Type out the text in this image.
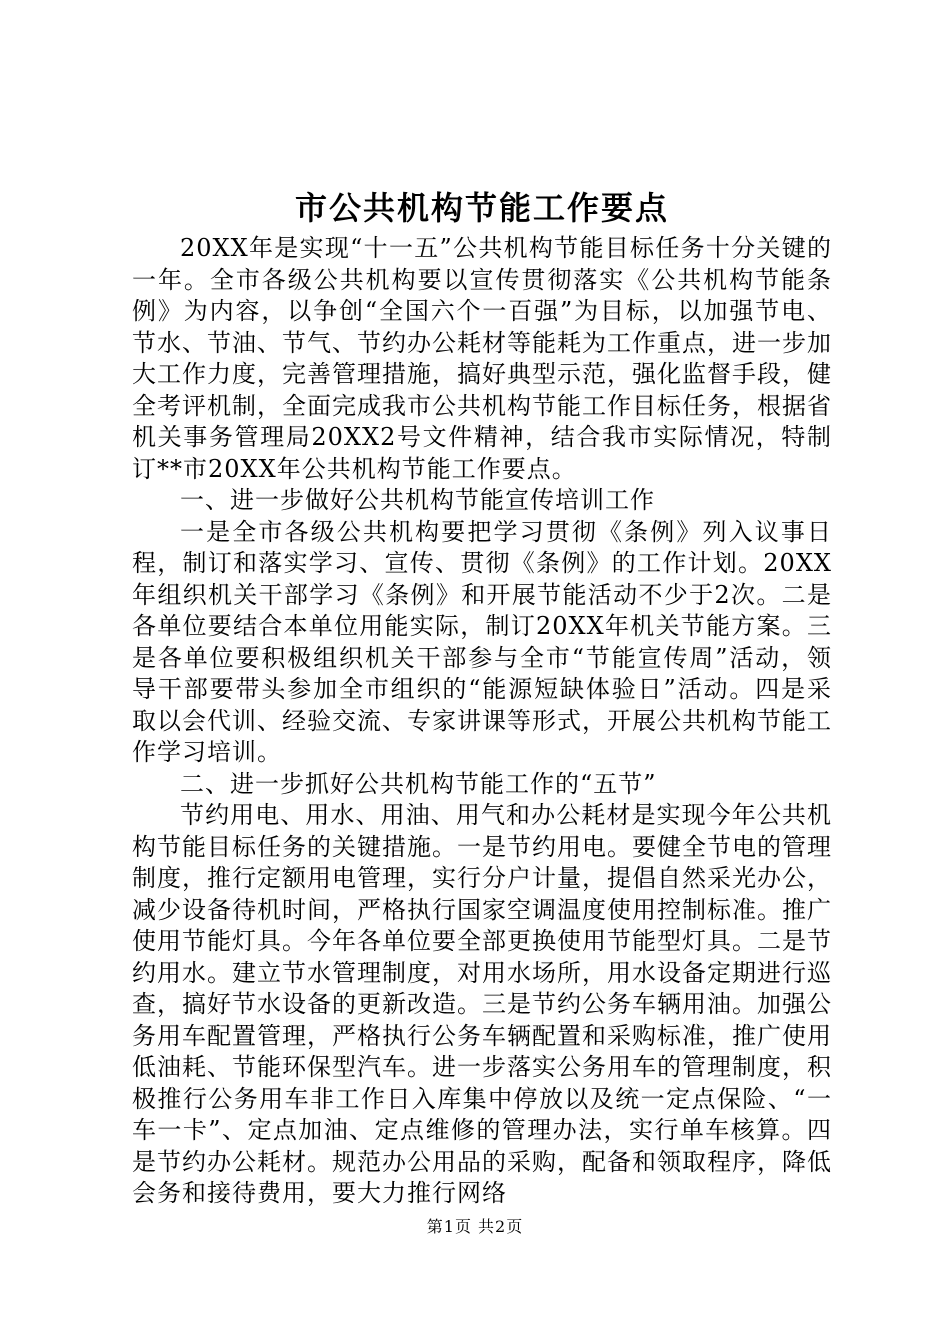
市公共机构节能工作要点

20XX年是实现“十一五”公共机构节能目标任务十分关键的一年。全市各级公共机构要以宣传贯彻落实《公共机构节能条例》为内容，以争创“全国六个一百强”为目标，以加强节电、节水、节油、节气、节约办公耗材等能耗为工作重点，进一步加大工作力度，完善管理措施，搞好典型示范，强化监督手段，健全考评机制，全面完成我市公共机构节能工作目标任务，根据省机关事务管理局20XX2号文件精神，结合我市实际情况，特制订**市20XX年公共机构节能工作要点。

一、进一步做好公共机构节能宣传培训工作

一是全市各级公共机构要把学习贯彻《条例》列入议事日程，制订和落实学习、宣传、贯彻《条例》的工作计划。20XX年组织机关干部学习《条例》和开展节能活动不少于2次。二是各单位要结合本单位用能实际，制订20XX年机关节能方案。三是各单位要积极组织机关干部参与全市“节能宣传周”活动，领导干部要带头参加全市组织的“能源短缺体验日”活动。四是采取以会代训、经验交流、专家讲课等形式，开展公共机构节能工作学习培训。

二、进一步抓好公共机构节能工作的“五节”

节约用电、用水、用油、用气和办公耗材是实现今年公共机构节能目标任务的关键措施。一是节约用电。要健全节电的管理制度，推行定额用电管理，实行分户计量，提倡自然采光办公，减少设备待机时间，严格执行国家空调温度使用控制标准。推广使用节能灯具。今年各单位要全部更换使用节能型灯具。二是节约用水。建立节水管理制度，对用水场所，用水设备定期进行巡查，搞好节水设备的更新改造。三是节约公务车辆用油。加强公务用车配置管理，严格执行公务车辆配置和采购标准，推广使用低油耗、节能环保型汽车。进一步落实公务用车的管理制度，积极推行公务用车非工作日入库集中停放以及统一定点保险、“一车一卡”、定点加油、定点维修的管理办法，实行单车核算。四是节约办公耗材。规范办公用品的采购，配备和领取程序，降低会务和接待费用，要大力推行网络

第1页 共2页
